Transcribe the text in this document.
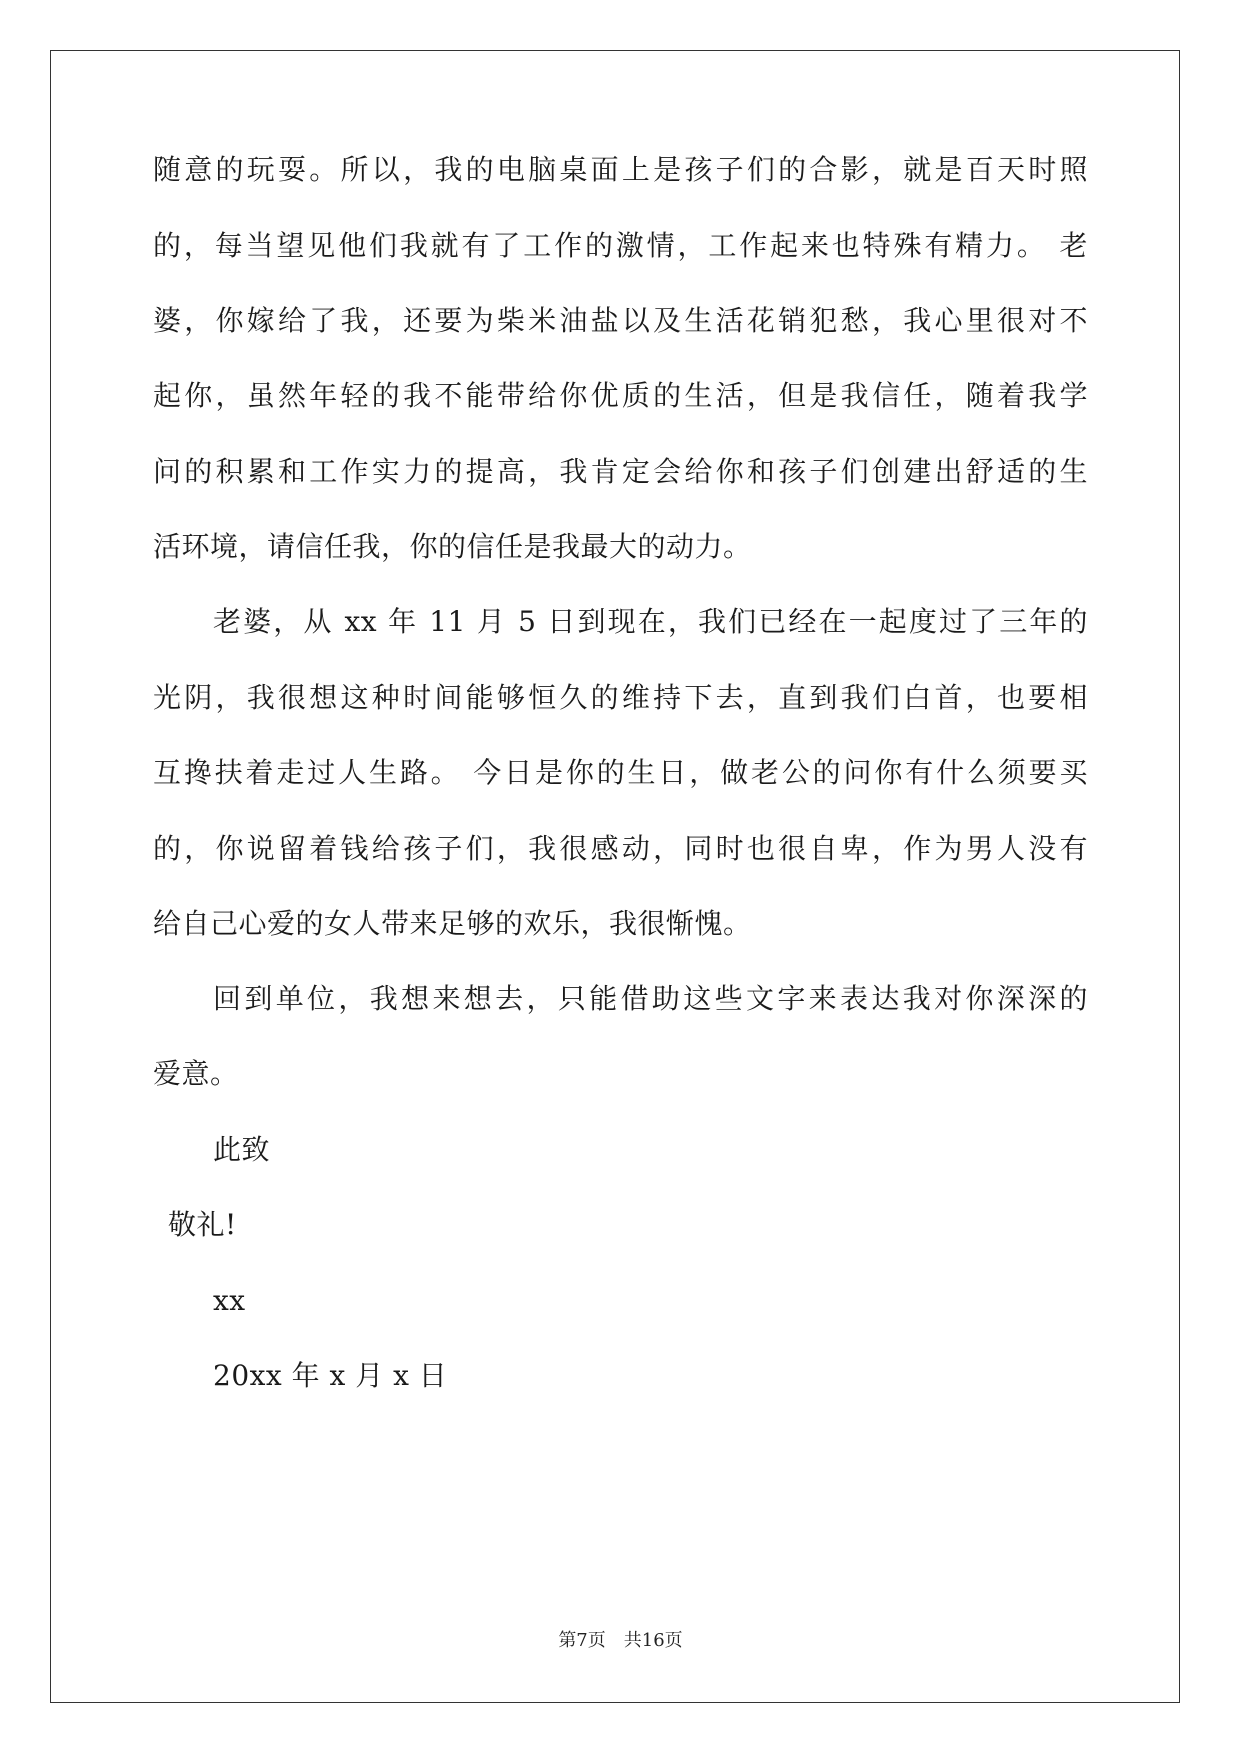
随意的玩耍。所以，我的电脑桌面上是孩子们的合影，就是百天时照
的，每当望见他们我就有了工作的激情，工作起来也特殊有精力。 老
婆，你嫁给了我，还要为柴米油盐以及生活花销犯愁，我心里很对不
起你，虽然年轻的我不能带给你优质的生活，但是我信任，随着我学
问的积累和工作实力的提高，我肯定会给你和孩子们创建出舒适的生
活环境，请信任我，你的信任是我最大的动力。
老婆，从 xx 年 11 月 5 日到现在，我们已经在一起度过了三年的
光阴，我很想这种时间能够恒久的维持下去，直到我们白首，也要相
互搀扶着走过人生路。 今日是你的生日，做老公的问你有什么须要买
的，你说留着钱给孩子们，我很感动，同时也很自卑，作为男人没有
给自己心爱的女人带来足够的欢乐，我很惭愧。
回到单位，我想来想去，只能借助这些文字来表达我对你深深的
爱意。
此致
敬礼!
xx
20xx 年 x 月 x 日
第7页　共16页
